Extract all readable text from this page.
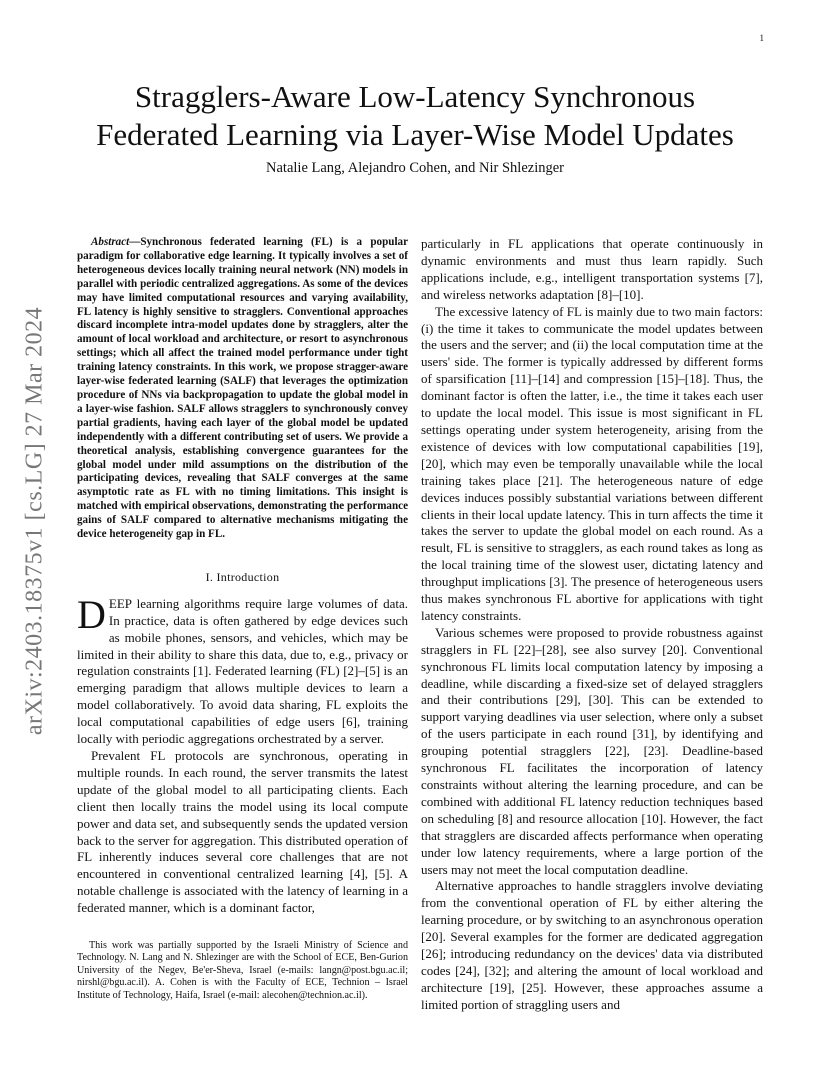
1
arXiv:2403.18375v1 [cs.LG] 27 Mar 2024
Stragglers-Aware Low-Latency Synchronous Federated Learning via Layer-Wise Model Updates
Natalie Lang, Alejandro Cohen, and Nir Shlezinger

Abstract—Synchronous federated learning (FL) is a popular paradigm for collaborative edge learning. It typically involves a set of heterogeneous devices locally training neural network (NN) models in parallel with periodic centralized aggregations. As some of the devices may have limited computational resources and varying availability, FL latency is highly sensitive to stragglers. Conventional approaches discard incomplete intra-model updates done by stragglers, alter the amount of local workload and architecture, or resort to asynchronous settings; which all affect the trained model performance under tight training latency constraints. In this work, we propose stragger-aware layer-wise federated learning (SALF) that leverages the optimization procedure of NNs via backpropagation to update the global model in a layer-wise fashion. SALF allows stragglers to synchronously convey partial gradients, having each layer of the global model be updated independently with a different contributing set of users. We provide a theoretical analysis, establishing convergence guarantees for the global model under mild assumptions on the distribution of the participating devices, revealing that SALF converges at the same asymptotic rate as FL with no timing limitations. This insight is matched with empirical observations, demonstrating the performance gains of SALF compared to alternative mechanisms mitigating the device heterogeneity gap in FL.

I. Introduction

DEEP learning algorithms require large volumes of data. In practice, data is often gathered by edge devices such as mobile phones, sensors, and vehicles, which may be limited in their ability to share this data, due to, e.g., privacy or regulation constraints [1]. Federated learning (FL) [2]–[5] is an emerging paradigm that allows multiple devices to learn a model collaboratively. To avoid data sharing, FL exploits the local computational capabilities of edge users [6], training locally with periodic aggregations orchestrated by a server.

Prevalent FL protocols are synchronous, operating in multiple rounds. In each round, the server transmits the latest update of the global model to all participating clients. Each client then locally trains the model using its local compute power and data set, and subsequently sends the updated version back to the server for aggregation. This distributed operation of FL inherently induces several core challenges that are not encountered in conventional centralized learning [4], [5]. A notable challenge is associated with the latency of learning in a federated manner, which is a dominant factor,

particularly in FL applications that operate continuously in dynamic environments and must thus learn rapidly. Such applications include, e.g., intelligent transportation systems [7], and wireless networks adaptation [8]–[10].

The excessive latency of FL is mainly due to two main factors: (i) the time it takes to communicate the model updates between the users and the server; and (ii) the local computation time at the users' side. The former is typically addressed by different forms of sparsification [11]–[14] and compression [15]–[18]. Thus, the dominant factor is often the latter, i.e., the time it takes each user to update the local model. This issue is most significant in FL settings operating under system heterogeneity, arising from the existence of devices with low computational capabilities [19], [20], which may even be temporally unavailable while the local training takes place [21]. The heterogeneous nature of edge devices induces possibly substantial variations between different clients in their local update latency. This in turn affects the time it takes the server to update the global model on each round. As a result, FL is sensitive to stragglers, as each round takes as long as the local training time of the slowest user, dictating latency and throughput implications [3]. The presence of heterogeneous users thus makes synchronous FL abortive for applications with tight latency constraints.

Various schemes were proposed to provide robustness against stragglers in FL [22]–[28], see also survey [20]. Conventional synchronous FL limits local computation latency by imposing a deadline, while discarding a fixed-size set of delayed stragglers and their contributions [29], [30]. This can be extended to support varying deadlines via user selection, where only a subset of the users participate in each round [31], by identifying and grouping potential stragglers [22], [23]. Deadline-based synchronous FL facilitates the incorporation of latency constraints without altering the learning procedure, and can be combined with additional FL latency reduction techniques based on scheduling [8] and resource allocation [10]. However, the fact that stragglers are discarded affects performance when operating under low latency requirements, where a large portion of the users may not meet the local computation deadline.

Alternative approaches to handle stragglers involve deviating from the conventional operation of FL by either altering the learning procedure, or by switching to an asynchronous operation [20]. Several examples for the former are dedicated aggregation [26]; introducing redundancy on the devices' data via distributed codes [24], [32]; and altering the amount of local workload and architecture [19], [25]. However, these approaches assume a limited portion of straggling users and

This work was partially supported by the Israeli Ministry of Science and Technology. N. Lang and N. Shlezinger are with the School of ECE, Ben-Gurion University of the Negev, Be'er-Sheva, Israel (e-mails: langn@post.bgu.ac.il; nirshl@bgu.ac.il). A. Cohen is with the Faculty of ECE, Technion – Israel Institute of Technology, Haifa, Israel (e-mail: alecohen@technion.ac.il).
